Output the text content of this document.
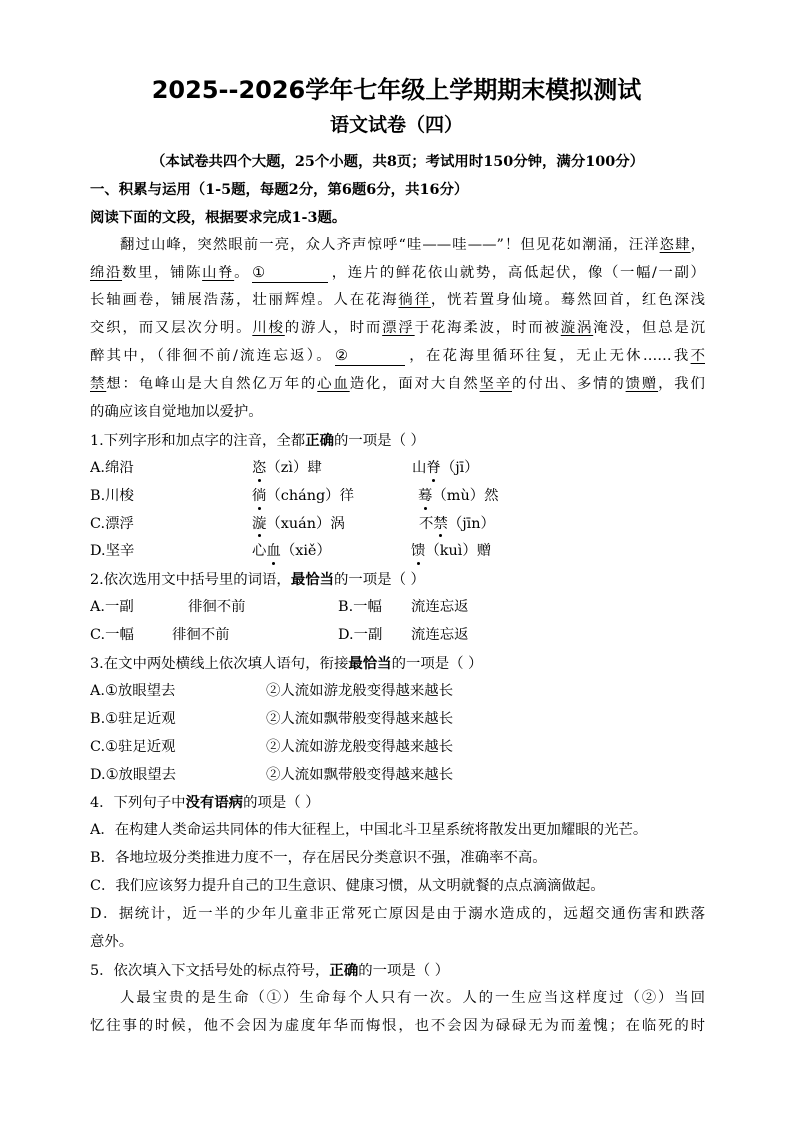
2025--2026学年七年级上学期期末模拟测试
语文试卷（四）
（本试卷共四个大题，25个小题，共8页；考试用时150分钟，满分100分）
一、积累与运用（1-5题，每题2分，第6题6分，共16分）
阅读下面的文段，根据要求完成1-3题。
翻过山峰，突然眼前一亮，众人齐声惊呼“哇——哇——”！但见花如潮涌，汪洋恣肆，
绵沿数里，铺陈山脊。 ①	，连片的鲜花依山就势，高低起伏，像（一幅/一副）
长轴画卷，铺展浩荡，壮丽辉煌。人在花海徜徉，恍若置身仙境。蓦然回首，红色深浅
交织，而又层次分明。川梭的游人，时而漂浮于花海柔波，时而被漩涡淹没，但总是沉
醉其中，（徘徊不前/流连忘返）。 ②	，在花海里循环往复，无止无休……我不
禁想：龟峰山是大自然亿万年的心血造化，面对大自然坚辛的付出、多情的馈赠，我们
的确应该自觉地加以爱护。
1.下列字形和加点字的注音，全都正确的一项是（ ）
A.绵沿	恣（zì）肆	山脊（jī）
B.川梭	徜（cháng）徉	蓦（mù）然
C.漂浮	漩（xuán）涡	不禁（jīn）
D.坚辛	心血（xiě）	馈（kuì）赠
2.依次选用文中括号里的词语，最恰当的一项是（ ）
A.一副	徘徊不前	B.一幅	流连忘返
C.一幅	徘徊不前	D.一副	流连忘返
3.在文中两处横线上依次填人语句，衔接最恰当的一项是（ ）
A.①放眼望去	②人流如游龙般变得越来越长
B.①驻足近观	②人流如飘带般变得越来越长
C.①驻足近观	②人流如游龙般变得越来越长
D.①放眼望去	②人流如飘带般变得越来越长
4．下列句子中没有语病的项是（ ）
A．在构建人类命运共同体的伟大征程上，中国北斗卫星系统将散发出更加耀眼的光芒。
B．各地垃圾分类推进力度不一，存在居民分类意识不强，准确率不高。
C．我们应该努力提升自己的卫生意识、健康习惯，从文明就餐的点点滴滴做起。
D．据统计，近一半的少年儿童非正常死亡原因是由于溺水造成的，远超交通伤害和跌落
意外。
5．依次填入下文括号处的标点符号，正确的一项是（ ）
人最宝贵的是生命（①）生命每个人只有一次。人的一生应当这样度过（②）当回
忆往事的时候，他不会因为虚度年华而悔恨，也不会因为碌碌无为而羞愧；在临死的时
